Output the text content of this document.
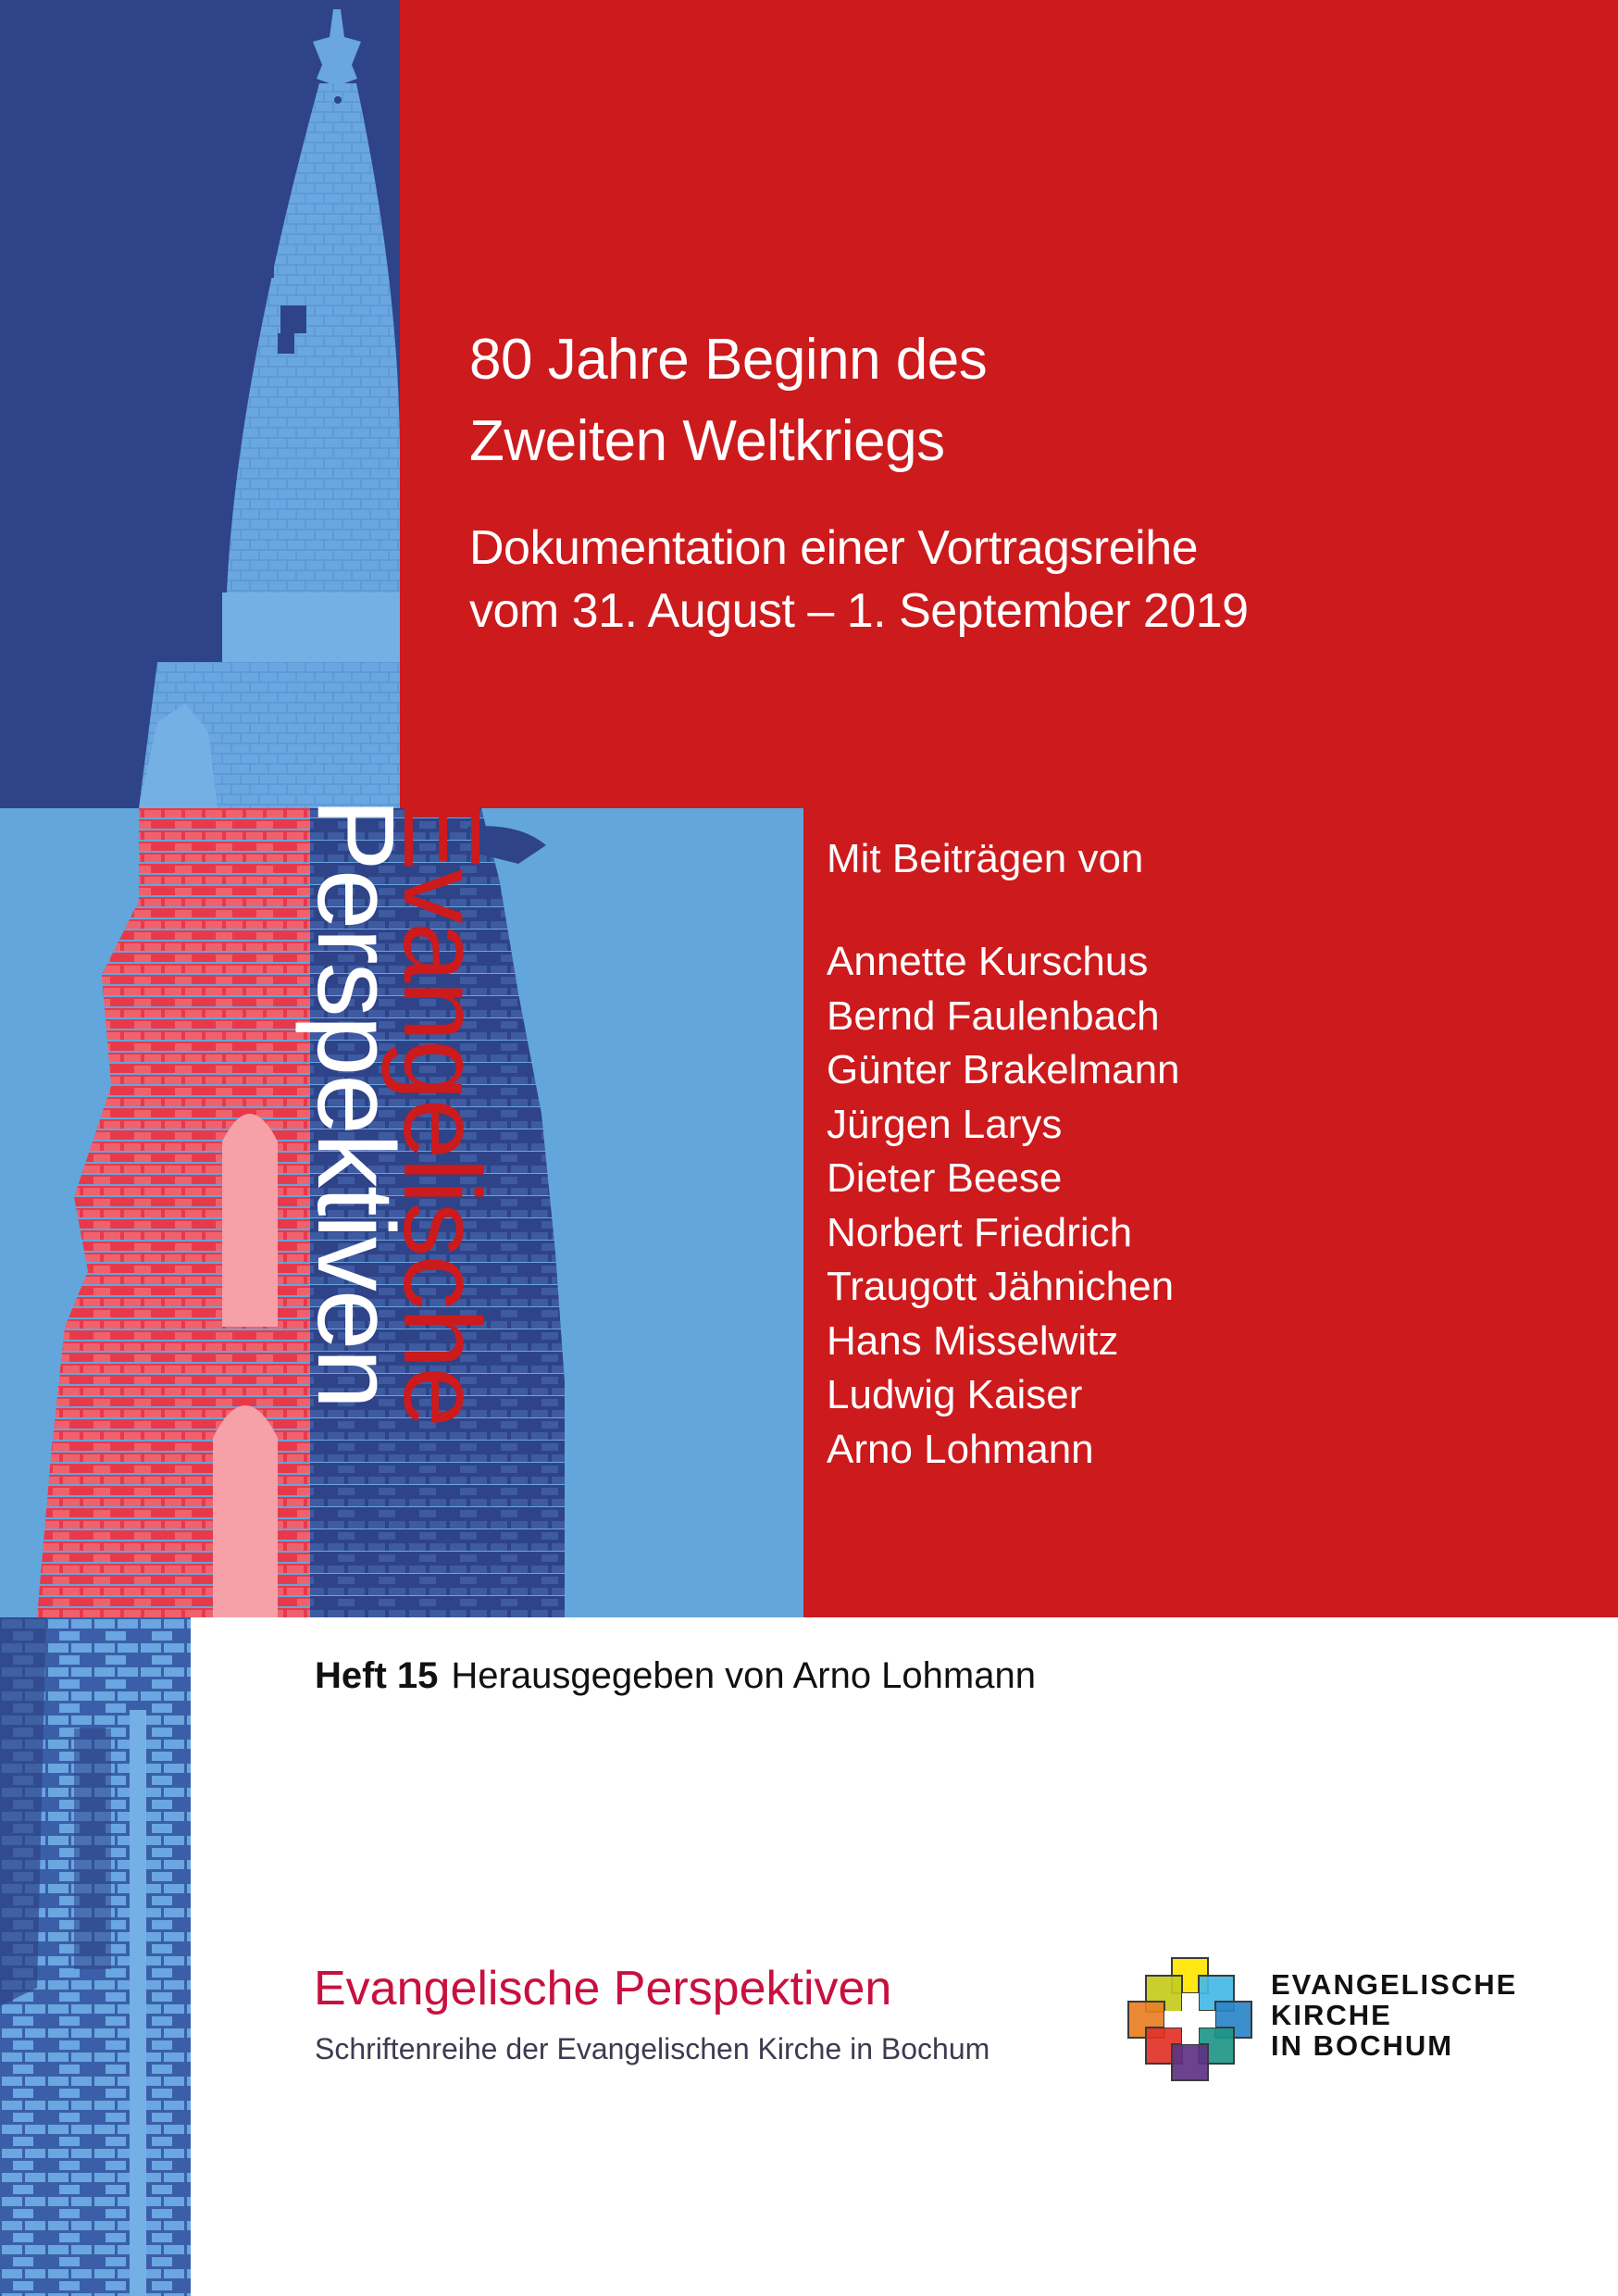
80 Jahre Beginn des
Zweiten Weltkriegs
Dokumentation einer Vortragsreihe
vom 31. August – 1. September 2019
Mit Beiträgen von
Annette Kurschus
Bernd Faulenbach
Günter Brakelmann
Jürgen Larys
Dieter Beese
Norbert Friedrich
Traugott Jähnichen
Hans Misselwitz
Ludwig Kaiser
Arno Lohmann
Perspektiven
Evangelische
Heft 15 Herausgegeben von Arno Lohmann
Evangelische Perspektiven
Schriftenreihe der Evangelischen Kirche in Bochum
EVANGELISCHE
KIRCHE
IN BOCHUM
